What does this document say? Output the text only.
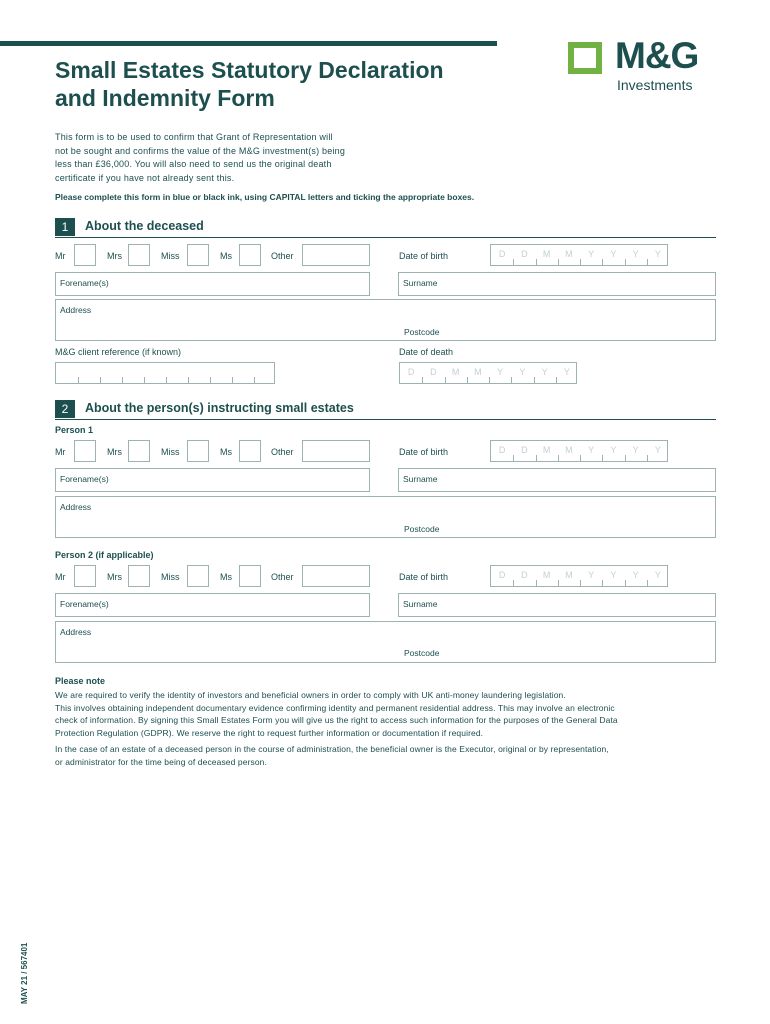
Small Estates Statutory Declaration
and Indemnity Form
M&G
Investments
This form is to be used to confirm that Grant of Representation will
not be sought and confirms the value of the M&G investment(s) being
less than £36,000. You will also need to send us the original death
certificate if you have not already sent this.
Please complete this form in blue or black ink, using CAPITAL letters and ticking the appropriate boxes.
1	About the deceased
Forename(s)	Surname
Address
Postcode
M&G client reference (if known)	Date of death
D	D	M	M	Y	Y	Y	Y
2	About the person(s) instructing small estates
Person 1
Forename(s)	Surname
Address
Postcode
Person 2 (if applicable)
Forename(s)	Surname
Address
Postcode
Please note
We are required to verify the identity of investors and beneficial owners in order to comply with UK anti-money laundering legislation.
This involves obtaining independent documentary evidence confirming identity and permanent residential address. This may involve an electronic
check of information. By signing this Small Estates Form you will give us the right to access such information for the purposes of the General Data
Protection Regulation (GDPR). We reserve the right to request further information or documentation if required.
In the case of an estate of a deceased person in the course of administration, the beneficial owner is the Executor, original or by representation,
or administrator for the time being of deceased person.
MAY 21 / 567401
Mr	Mrs	Miss	Ms	Other
Mr	Mrs	Miss	Ms	Other
Mr	Mrs	Miss	Ms	Other
Date of birth	D	D	M	M	Y	Y	Y	Y
Date of birth	D	D	M	M	Y	Y	Y	Y
Date of birth	D	D	M	M	Y	Y	Y	Y
